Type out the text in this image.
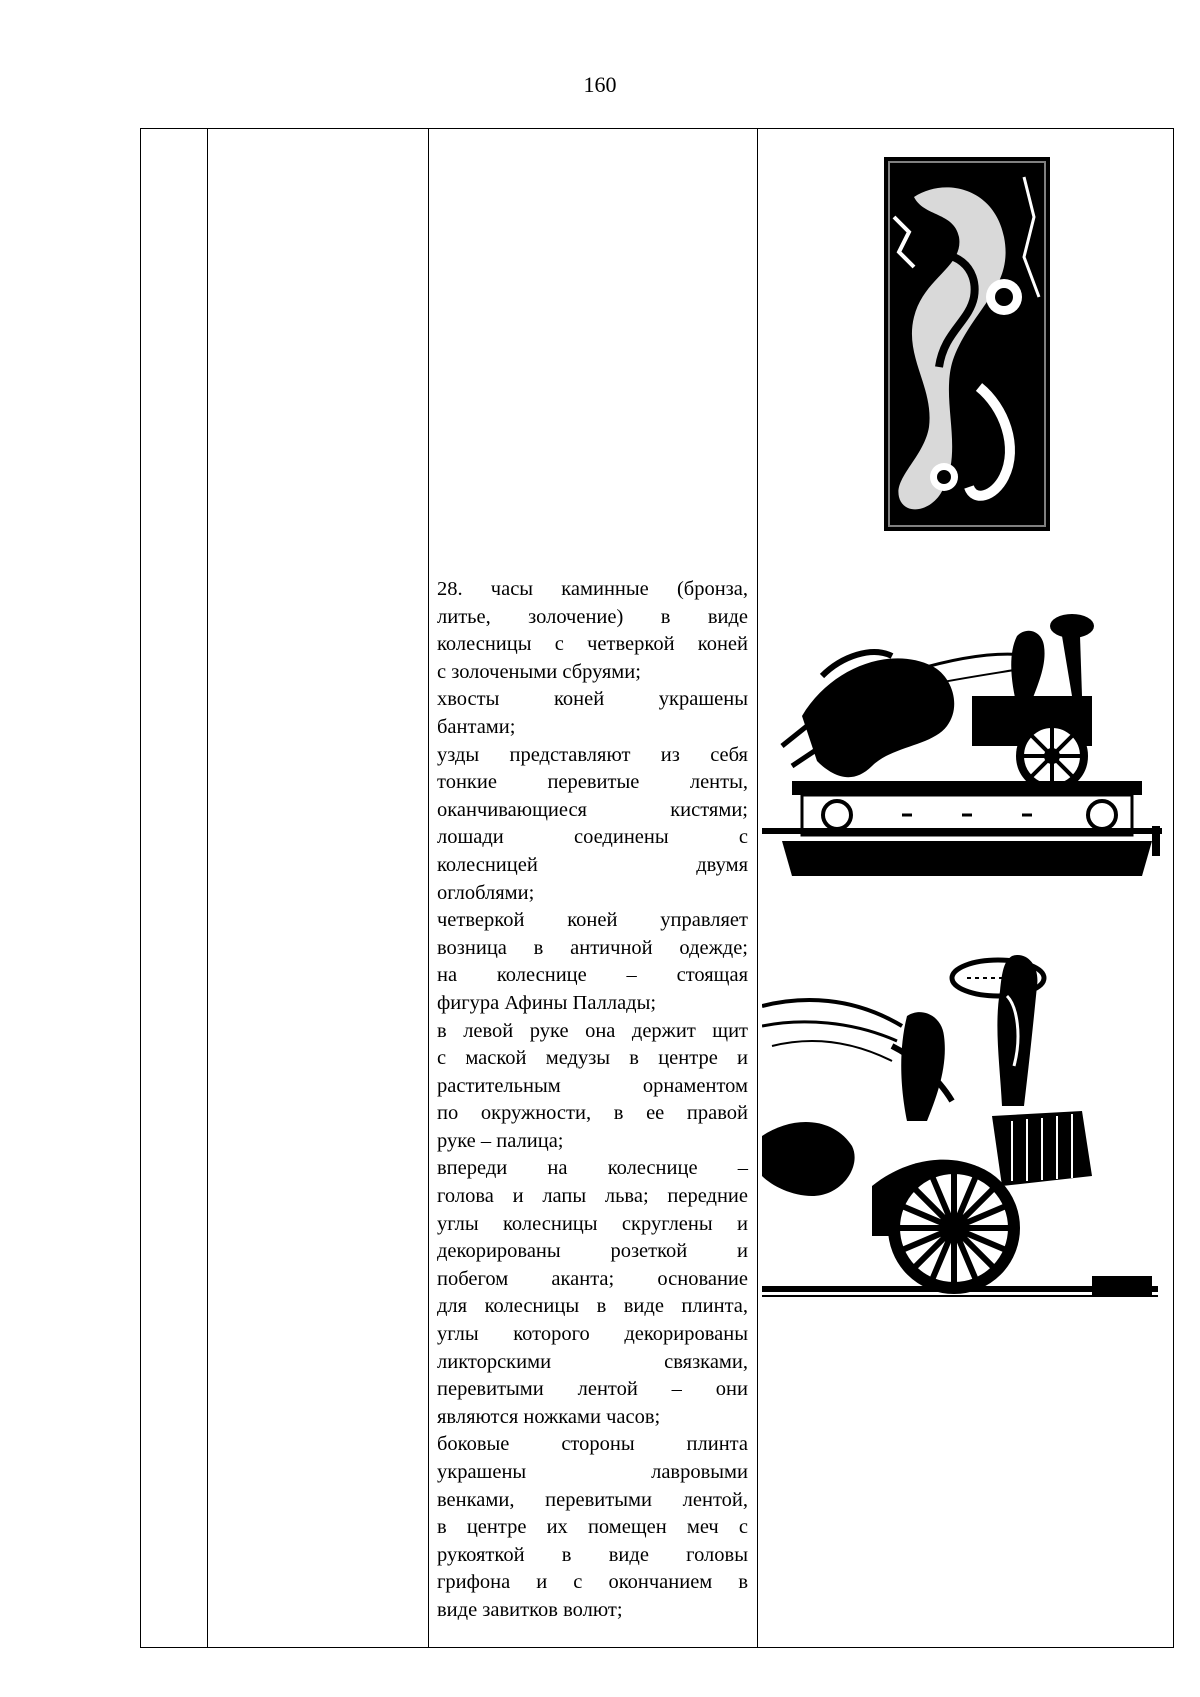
160

28. часы каминные (бронза,

литье, золочение) в виде

колесницы с четверкой коней

с золочеными сбруями;

хвосты коней украшены

бантами;

узды представляют из себя

тонкие перевитые ленты,

оканчивающиеся кистями;

лошади соединены с

колесницей двумя

оглоблями;

четверкой коней управляет

возница в античной одежде;

на колеснице – стоящая

фигура Афины Паллады;

в левой руке она держит щит

с маской медузы в центре и

растительным орнаментом

по окружности, в ее правой

руке – палица;

впереди на колеснице –

голова и лапы льва; передние

углы колесницы скруглены и

декорированы розеткой и

побегом аканта; основание

для колесницы в виде плинта,

углы которого декорированы

ликторскими связками,

перевитыми лентой – они

являются ножками часов;

боковые стороны плинта

украшены лавровыми

венками, перевитыми лентой,

в центре их помещен меч с

рукояткой в виде головы

грифона и с окончанием в

виде завитков волют;
